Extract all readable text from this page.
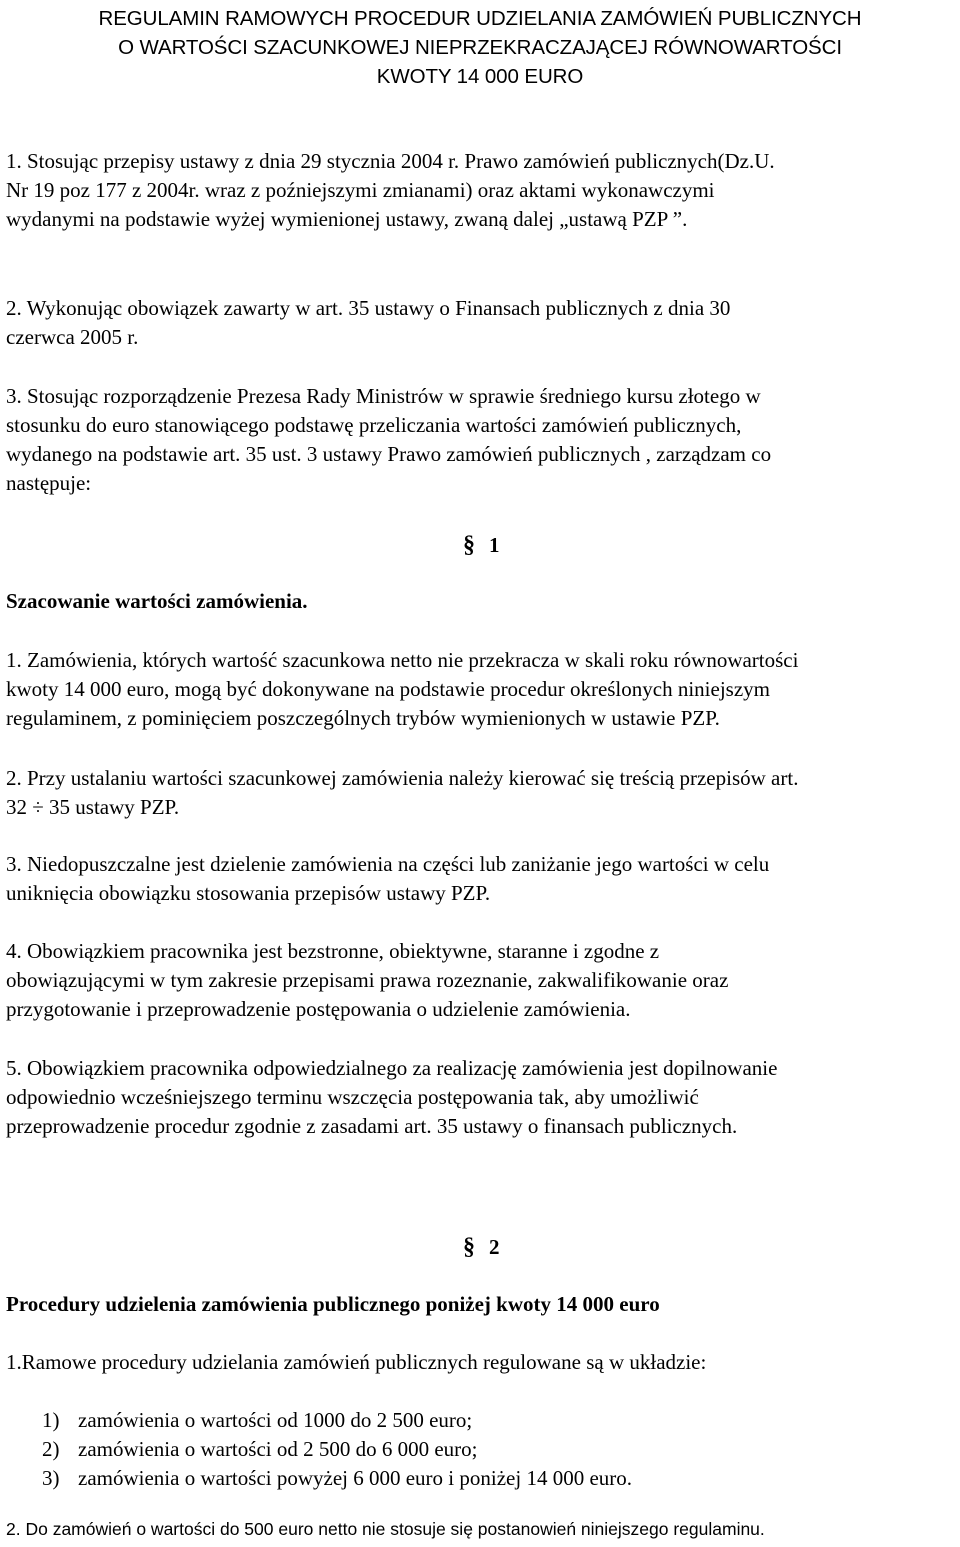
REGULAMIN RAMOWYCH PROCEDUR UDZIELANIA ZAMÓWIEŃ PUBLICZNYCH
O WARTOŚCI SZACUNKOWEJ NIEPRZEKRACZAJĄCEJ RÓWNOWARTOŚCI
KWOTY 14 000 EURO
1. Stosując przepisy ustawy z dnia 29 stycznia 2004 r. Prawo zamówień publicznych(Dz.U.
Nr 19 poz 177 z 2004r. wraz z poźniejszymi zmianami) oraz aktami wykonawczymi
wydanymi na podstawie wyżej wymienionej ustawy, zwaną dalej „ustawą PZP ”.
2. Wykonując obowiązek zawarty w art. 35 ustawy o Finansach publicznych z dnia 30
czerwca 2005 r.
3. Stosując rozporządzenie Prezesa Rady Ministrów w sprawie średniego kursu złotego w
stosunku do euro stanowiącego podstawę przeliczania wartości zamówień publicznych,
wydanego na podstawie art. 35 ust. 3 ustawy Prawo zamówień publicznych , zarządzam co
następuje:
§ 1
Szacowanie wartości zamówienia.
1. Zamówienia, których wartość szacunkowa netto nie przekracza w skali roku równowartości
kwoty 14 000 euro, mogą być dokonywane na podstawie procedur określonych niniejszym
regulaminem, z pominięciem poszczególnych trybów wymienionych w ustawie PZP.
2. Przy ustalaniu wartości szacunkowej zamówienia należy kierować się treścią przepisów art.
32 ÷ 35 ustawy PZP.
3. Niedopuszczalne jest dzielenie zamówienia na części lub zaniżanie jego wartości w celu
uniknięcia obowiązku stosowania przepisów ustawy PZP.
4. Obowiązkiem pracownika jest bezstronne, obiektywne, staranne i zgodne z
obowiązującymi w tym zakresie przepisami prawa rozeznanie, zakwalifikowanie oraz
przygotowanie i przeprowadzenie postępowania o udzielenie zamówienia.
5. Obowiązkiem pracownika odpowiedzialnego za realizację zamówienia jest dopilnowanie
odpowiednio wcześniejszego terminu wszczęcia postępowania tak, aby umożliwić
przeprowadzenie procedur zgodnie z zasadami art. 35 ustawy o finansach publicznych.
§ 2
Procedury udzielenia zamówienia publicznego poniżej kwoty 14 000 euro
1.Ramowe procedury udzielania zamówień publicznych regulowane są w układzie:
1) zamówienia o wartości od 1000 do 2 500 euro;
2) zamówienia o wartości od 2 500 do 6 000 euro;
3) zamówienia o wartości powyżej 6 000 euro i poniżej 14 000 euro.
2. Do zamówień o wartości do 500 euro netto nie stosuje się postanowień niniejszego regulaminu.
